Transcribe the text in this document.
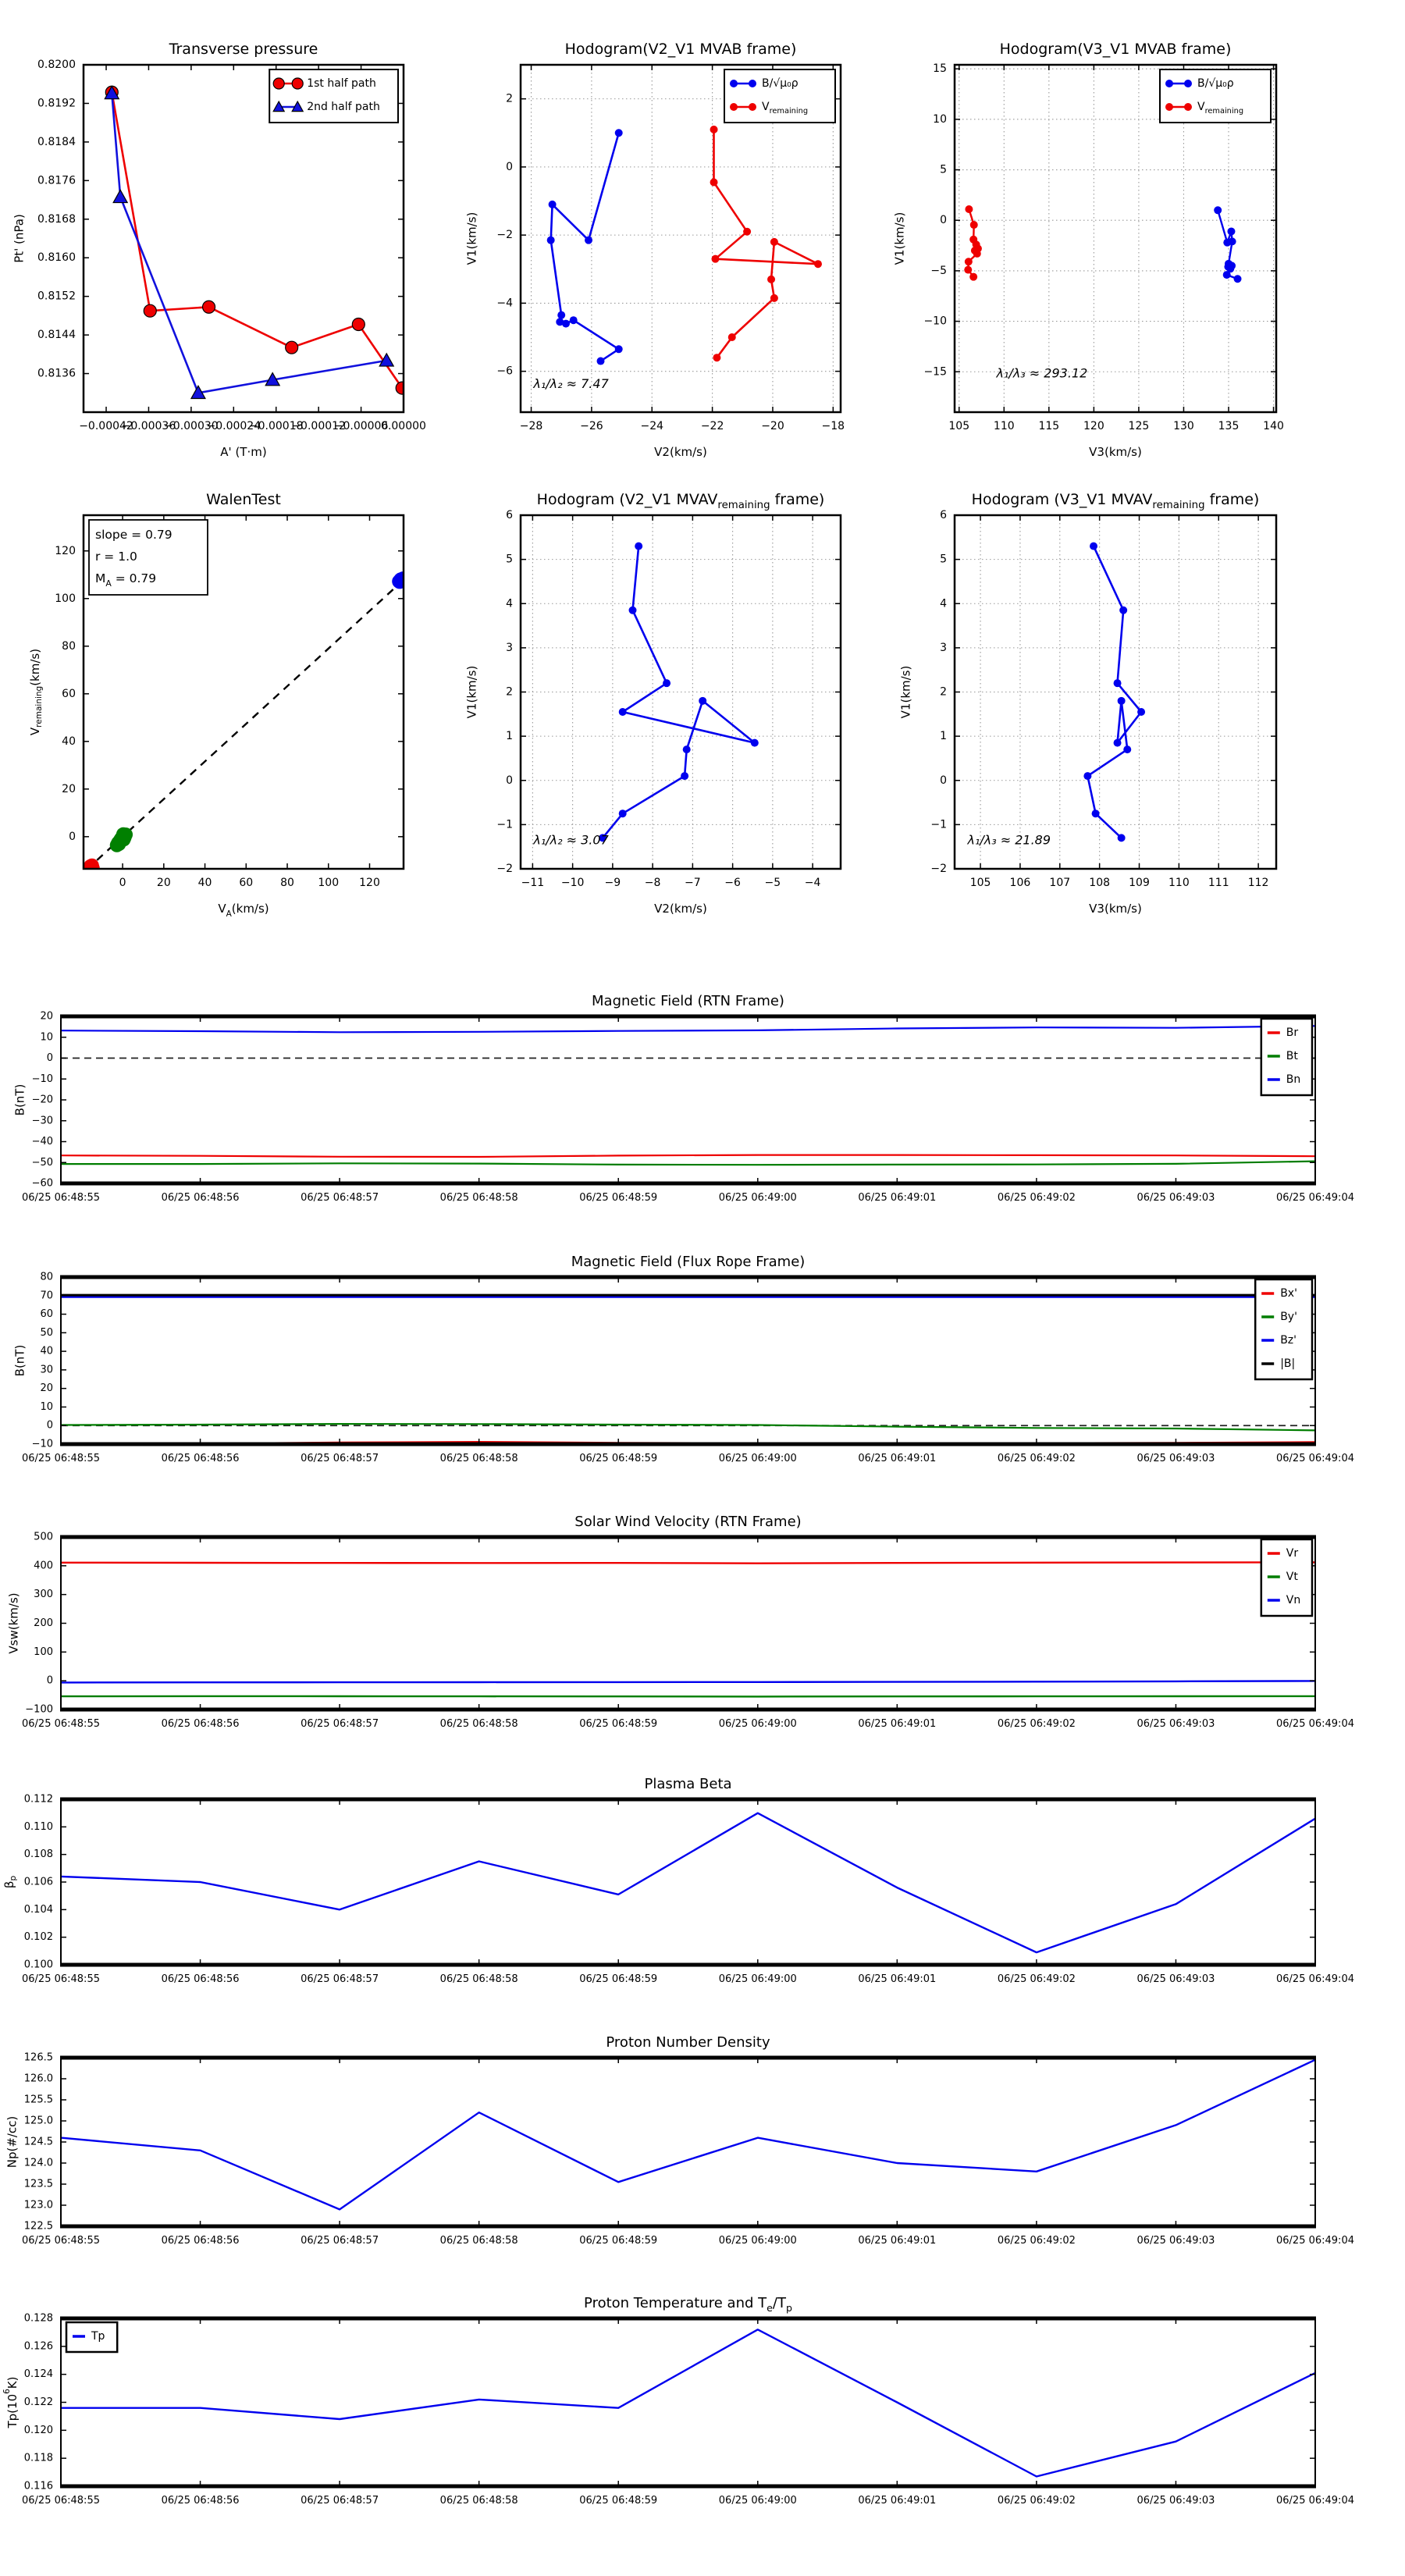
−0.00042
−0.00036
−0.00030
−0.00024
−0.00018
−0.00012
−0.00006
0.00000
0.8136
0.8144
0.8152
0.8160
0.8168
0.8176
0.8184
0.8192
0.8200
Transverse pressure
A' (T·m)
Pt' (nPa)
1st half path
2nd half path
−28	−26	−24	−22	−20	−18
2
0
−2
−4
−6
Hodogram(V2_V1 MVAB frame)
V2(km/s)
V1(km/s)
λ₁/λ₂ ≈ 7.47
B/√μ₀ρ
$V_{remaining}$
105 110 115 120 125 130 135 140
15
10
5
0
−5
−10
−15
Hodogram(V3_V1 MVAB frame)
V3(km/s)
V1(km/s)
λ₁/λ₃ ≈ 293.12
B/√μ₀ρ
$V_{remaining}$
0	20 40 60 80 100 120
0
20
40
60
80
100
120
WalenTest
$V_A(km/s)$
$V_{remaining}(km/s)$
slope = 0.79
r = 1.0
$M_A = 0.79$
−11 −10 −9 −8 −7 −6 −5 −4
6
5
4
3
2
1
0
−1
−2
Hodogram (V2_V1 $MVAV_{remaining}$ frame)
V2(km/s)
V1(km/s)
λ₁/λ₂ ≈ 3.07
105 106 107 108 109 110 111 112
6
5
4
3
2
1
0
−1
−2
Hodogram (V3_V1 $MVAV_{remaining}$ frame)
V3(km/s)
V1(km/s)
λ₁/λ₃ ≈ 21.89
06/25 06:48:55	06/25 06:48:56	06/25 06:48:57	06/25 06:48:58	06/25 06:48:59	06/25 06:49:00	06/25 06:49:01	06/25 06:49:02	06/25 06:49:03	06/25 06:49:04
20
10
0
−10
−20
−30
−40
−50
−60
Magnetic Field (RTN Frame)
B(nT)
Br
Bt
Bn
06/25 06:48:55	06/25 06:48:56	06/25 06:48:57	06/25 06:48:58	06/25 06:48:59	06/25 06:49:00	06/25 06:49:01	06/25 06:49:02	06/25 06:49:03	06/25 06:49:04
80
70
60
50
40
30
20
10
0
−10
Magnetic Field (Flux Rope Frame)
B(nT)
Bx'
By'
Bz'
|B|
06/25 06:48:55	06/25 06:48:56	06/25 06:48:57	06/25 06:48:58	06/25 06:48:59	06/25 06:49:00	06/25 06:49:01	06/25 06:49:02	06/25 06:49:03	06/25 06:49:04
500
400
300
200
100
0
−100
Solar Wind Velocity (RTN Frame)
Vsw(km/s)
Vr
Vt
Vn
06/25 06:48:55	06/25 06:48:56	06/25 06:48:57	06/25 06:48:58	06/25 06:48:59	06/25 06:49:00	06/25 06:49:01	06/25 06:49:02	06/25 06:49:03	06/25 06:49:04
0.112
0.110
0.108
0.106
0.104
0.102
0.100
Plasma Beta
$\beta_p$
06/25 06:48:55	06/25 06:48:56	06/25 06:48:57	06/25 06:48:58	06/25 06:48:59	06/25 06:49:00	06/25 06:49:01	06/25 06:49:02	06/25 06:49:03	06/25 06:49:04
126.5
126.0
125.5
125.0
124.5
124.0
123.5
123.0
122.5
Proton Number Density
Np(#/cc)
06/25 06:48:55	06/25 06:48:56	06/25 06:48:57	06/25 06:48:58	06/25 06:48:59	06/25 06:49:00	06/25 06:49:01	06/25 06:49:02	06/25 06:49:03	06/25 06:49:04
0.128
0.126
0.124
0.122
0.120
0.118
0.116
Proton Temperature and $T_e/T_p$
$Tp(10^6K)$
Tp
